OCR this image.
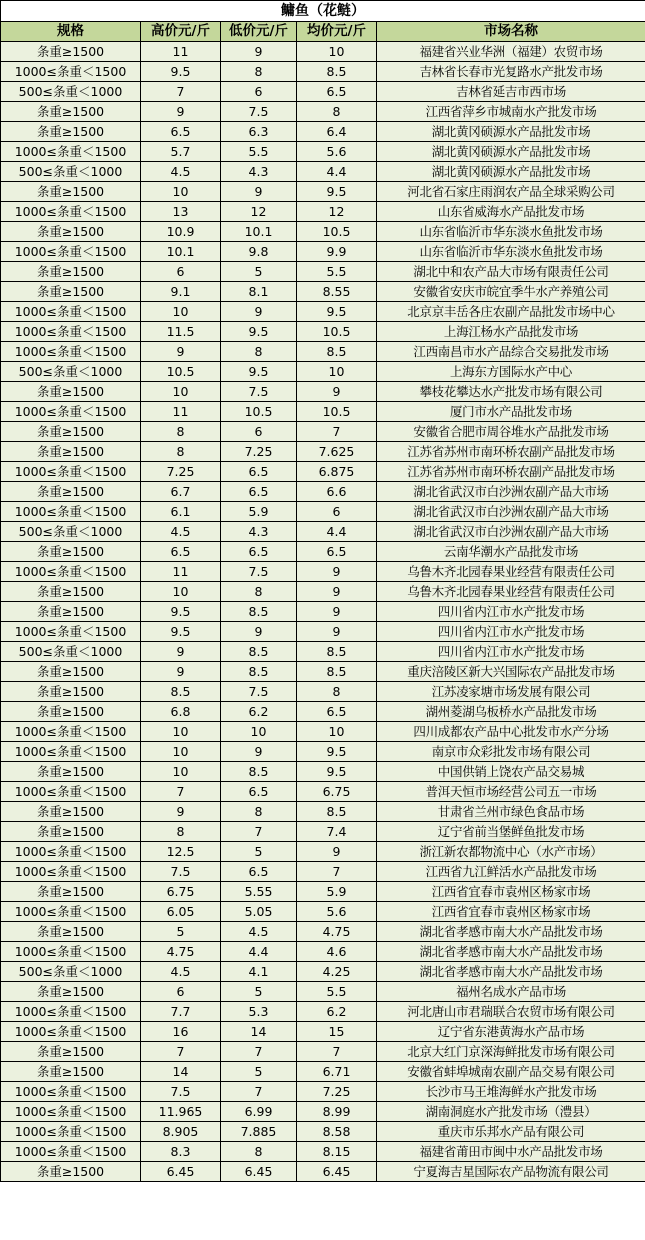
鳙鱼（花鲢）				
规格	高价元/斤	低价元/斤	均价元/斤	市场名称
条重≥1500	11	9	10	福建省兴业华洲（福建）农贸市场
1000≤条重＜1500	9.5	8	8.5	吉林省长春市光复路水产批发市场
500≤条重＜1000	7	6	6.5	吉林省延吉市西市场
条重≥1500	9	7.5	8	江西省萍乡市城南水产批发市场
条重≥1500	6.5	6.3	6.4	湖北黄冈硕源水产品批发市场
1000≤条重＜1500	5.7	5.5	5.6	湖北黄冈硕源水产品批发市场
500≤条重＜1000	4.5	4.3	4.4	湖北黄冈硕源水产品批发市场
条重≥1500	10	9	9.5	河北省石家庄雨润农产品全球采购公司
1000≤条重＜1500	13	12	12	山东省威海水产品批发市场
条重≥1500	10.9	10.1	10.5	山东省临沂市华东淡水鱼批发市场
1000≤条重＜1500	10.1	9.8	9.9	山东省临沂市华东淡水鱼批发市场
条重≥1500	6	5	5.5	湖北中和农产品大市场有限责任公司
条重≥1500	9.1	8.1	8.55	安徽省安庆市皖宜季牛水产养殖公司
1000≤条重＜1500	10	9	9.5	北京京丰岳各庄农副产品批发市场中心
1000≤条重＜1500	11.5	9.5	10.5	上海江杨水产品批发市场
1000≤条重＜1500	9	8	8.5	江西南昌市水产品综合交易批发市场
500≤条重＜1000	10.5	9.5	10	上海东方国际水产中心
条重≥1500	10	7.5	9	攀枝花攀达水产批发市场有限公司
1000≤条重＜1500	11	10.5	10.5	厦门市水产品批发市场
条重≥1500	8	6	7	安徽省合肥市周谷堆水产品批发市场
条重≥1500	8	7.25	7.625	江苏省苏州市南环桥农副产品批发市场
1000≤条重＜1500	7.25	6.5	6.875	江苏省苏州市南环桥农副产品批发市场
条重≥1500	6.7	6.5	6.6	湖北省武汉市白沙洲农副产品大市场
1000≤条重＜1500	6.1	5.9	6	湖北省武汉市白沙洲农副产品大市场
500≤条重＜1000	4.5	4.3	4.4	湖北省武汉市白沙洲农副产品大市场
条重≥1500	6.5	6.5	6.5	云南华潮水产品批发市场
1000≤条重＜1500	11	7.5	9	乌鲁木齐北园春果业经营有限责任公司
条重≥1500	10	8	9	乌鲁木齐北园春果业经营有限责任公司
条重≥1500	9.5	8.5	9	四川省内江市水产批发市场
1000≤条重＜1500	9.5	9	9	四川省内江市水产批发市场
500≤条重＜1000	9	8.5	8.5	四川省内江市水产批发市场
条重≥1500	9	8.5	8.5	重庆涪陵区新大兴国际农产品批发市场
条重≥1500	8.5	7.5	8	江苏凌家塘市场发展有限公司
条重≥1500	6.8	6.2	6.5	湖州菱湖乌板桥水产品批发市场
1000≤条重＜1500	10	10	10	四川成都农产品中心批发市水产分场
1000≤条重＜1500	10	9	9.5	南京市众彩批发市场有限公司
条重≥1500	10	8.5	9.5	中国供销上饶农产品交易城
1000≤条重＜1500	7	6.5	6.75	普洱天恒市场经营公司五一市场
条重≥1500	9	8	8.5	甘肃省兰州市绿色食品市场
条重≥1500	8	7	7.4	辽宁省前当堡鲜鱼批发市场
1000≤条重＜1500	12.5	5	9	浙江新农都物流中心（水产市场）
1000≤条重＜1500	7.5	6.5	7	江西省九江鲜活水产品批发市场
条重≥1500	6.75	5.55	5.9	江西省宜春市袁州区杨家市场
1000≤条重＜1500	6.05	5.05	5.6	江西省宜春市袁州区杨家市场
条重≥1500	5	4.5	4.75	湖北省孝感市南大水产品批发市场
1000≤条重＜1500	4.75	4.4	4.6	湖北省孝感市南大水产品批发市场
500≤条重＜1000	4.5	4.1	4.25	湖北省孝感市南大水产品批发市场
条重≥1500	6	5	5.5	福州名成水产品市场
1000≤条重＜1500	7.7	5.3	6.2	河北唐山市君瑞联合农贸市场有限公司
1000≤条重＜1500	16	14	15	辽宁省东港黄海水产品市场
条重≥1500	7	7	7	北京大红门京深海鲜批发市场有限公司
条重≥1500	14	5	6.71	安徽省蚌埠城南农副产品交易有限公司
1000≤条重＜1500	7.5	7	7.25	长沙市马王堆海鲜水产批发市场
1000≤条重＜1500	11.965	6.99	8.99	湖南洞庭水产批发市场（澧县）
1000≤条重＜1500	8.905	7.885	8.58	重庆市乐邦水产品有限公司
1000≤条重＜1500	8.3	8	8.15	福建省莆田市闽中水产品批发市场
条重≥1500	6.45	6.45	6.45	宁夏海吉星国际农产品物流有限公司
